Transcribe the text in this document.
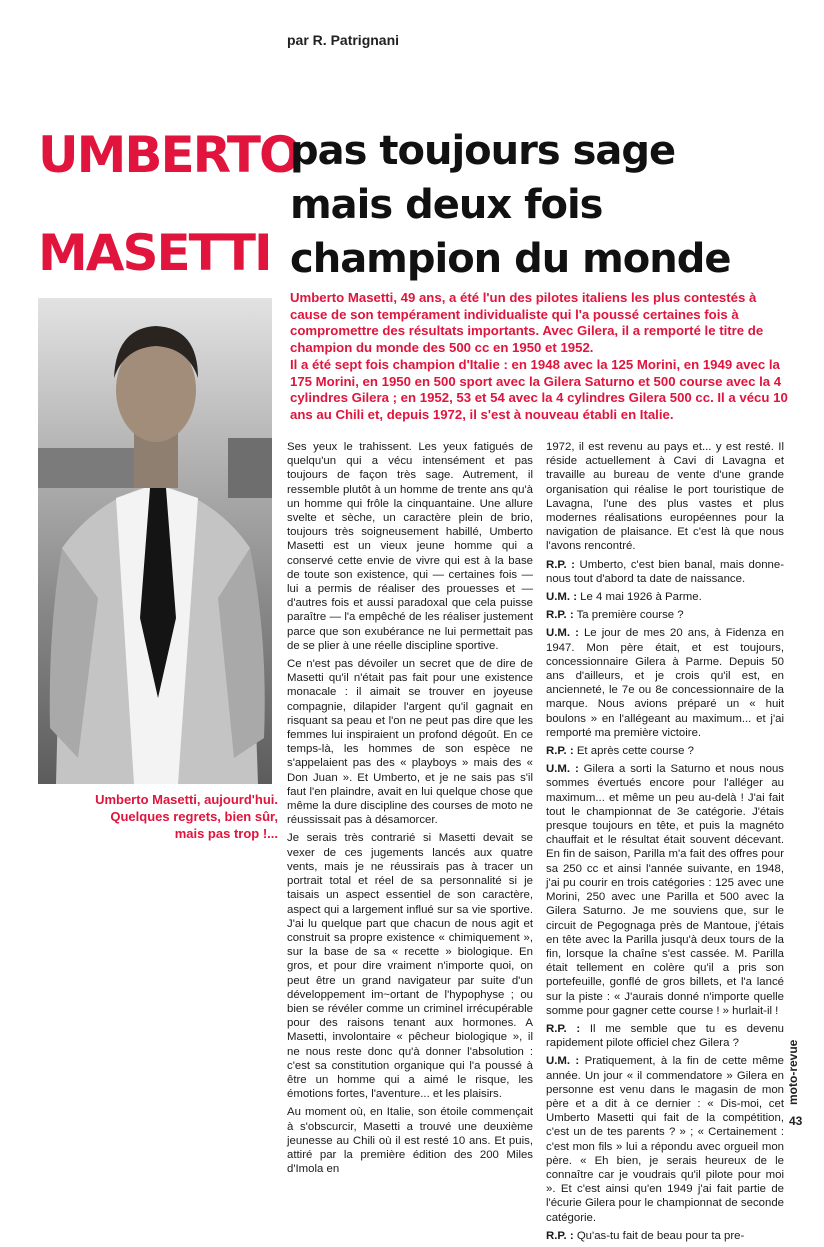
par R. Patrignani
UMBERTO
MASETTI
pas toujours sage
mais deux fois
champion du monde

Umberto Masetti, 49 ans, a été l'un des pilotes italiens les plus contestés à cause de son tempérament individualiste qui l'a poussé certaines fois à compromettre des résultats importants. Avec Gilera, il a remporté le titre de champion du monde des 500 cc en 1950 et 1952.

Il a été sept fois champion d'Italie : en 1948 avec la 125 Morini, en 1949 avec la 175 Morini, en 1950 en 500 sport avec la Gilera Saturno et 500 course avec la 4 cylindres Gilera ; en 1952, 53 et 54 avec la 4 cylindres Gilera 500 cc. Il a vécu 10 ans au Chili et, depuis 1972, il s'est à nouveau établi en Italie.

Umberto Masetti, aujourd'hui.
Quelques regrets, bien sûr,
mais pas trop !...

Ses yeux le trahissent. Les yeux fatigués de quelqu'un qui a vécu intensément et pas toujours de façon très sage. Autrement, il ressemble plutôt à un homme de trente ans qu'à un homme qui frôle la cinquantaine. Une allure svelte et sèche, un caractère plein de brio, toujours très soigneusement habillé, Umberto Masetti est un vieux jeune homme qui a conservé cette envie de vivre qui est à la base de toute son existence, qui — certaines fois — lui a permis de réaliser des prouesses et — d'autres fois et aussi paradoxal que cela puisse paraître — l'a empêché de les réaliser justement parce que son exubérance ne lui permettait pas de se plier à une réelle discipline sportive.

Ce n'est pas dévoiler un secret que de dire de Masetti qu'il n'était pas fait pour une existence monacale : il aimait se trouver en joyeuse compagnie, dilapider l'argent qu'il gagnait en risquant sa peau et l'on ne peut pas dire que les femmes lui inspiraient un profond dégoût. En ce temps-là, les hommes de son espèce ne s'appelaient pas des « playboys » mais des « Don Juan ». Et Umberto, et je ne sais pas s'il faut l'en plaindre, avait en lui quelque chose que même la dure discipline des courses de moto ne réussissait pas à désamorcer.

Je serais très contrarié si Masetti devait se vexer de ces jugements lancés aux quatre vents, mais je ne réussirais pas à tracer un portrait total et réel de sa personnalité si je taisais un aspect essentiel de son caractère, aspect qui a largement influé sur sa vie sportive. J'ai lu quelque part que chacun de nous agit et construit sa propre existence « chimiquement », sur la base de sa « recette » biologique. En gros, et pour dire vraiment n'importe quoi, on peut être un grand navigateur par suite d'un développement im~ortant de l'hypophyse ; ou bien se révéler comme un criminel irrécupérable pour des raisons tenant aux hormones. A Masetti, involontaire « pêcheur biologique », il ne nous reste donc qu'à donner l'absolution : c'est sa constitution organique qui l'a poussé à être un homme qui a aimé le risque, les émotions fortes, l'aventure... et les plaisirs.

Au moment où, en Italie, son étoile commençait à s'obscurcir, Masetti a trouvé une deuxième jeunesse au Chili où il est resté 10 ans. Et puis, attiré par la première édition des 200 Miles d'Imola en

1972, il est revenu au pays et... y est resté. Il réside actuellement à Cavi di Lavagna et travaille au bureau de vente d'une grande organisation qui réalise le port touristique de Lavagna, l'une des plus vastes et plus modernes réalisations européennes pour la navigation de plaisance. Et c'est là que nous l'avons rencontré.

R.P. : Umberto, c'est bien banal, mais donne-nous tout d'abord ta date de naissance.

U.M. : Le 4 mai 1926 à Parme.

R.P. : Ta première course ?

U.M. : Le jour de mes 20 ans, à Fidenza en 1947. Mon père était, et est toujours, concessionnaire Gilera à Parme. Depuis 50 ans d'ailleurs, et je crois qu'il est, en ancienneté, le 7e ou 8e concessionnaire de la marque. Nous avions préparé un « huit boulons » en l'allégeant au maximum... et j'ai remporté ma première victoire.

R.P. : Et après cette course ?

U.M. : Gilera a sorti la Saturno et nous nous sommes évertués encore pour l'alléger au maximum... et même un peu au-delà ! J'ai fait tout le championnat de 3e catégorie. J'étais presque toujours en tête, et puis la magnéto chauffait et le résultat était souvent décevant. En fin de saison, Parilla m'a fait des offres pour sa 250 cc et ainsi l'année suivante, en 1948, j'ai pu courir en trois catégories : 125 avec une Morini, 250 avec une Parilla et 500 avec la Gilera Saturno. Je me souviens que, sur le circuit de Pegognaga près de Mantoue, j'étais en tête avec la Parilla jusqu'à deux tours de la fin, lorsque la chaîne s'est cassée. M. Parilla était tellement en colère qu'il a pris son portefeuille, gonflé de gros billets, et l'a lancé sur la piste : « J'aurais donné n'importe quelle somme pour gagner cette course ! » hurlait-il !

R.P. : Il me semble que tu es devenu rapidement pilote officiel chez Gilera ?

U.M. : Pratiquement, à la fin de cette même année. Un jour « il commendatore » Gilera en personne est venu dans le magasin de mon père et a dit à ce dernier : « Dis-moi, cet Umberto Masetti qui fait de la compétition, c'est un de tes parents ? » ; « Certainement : c'est mon fils » lui a répondu avec orgueil mon père. « Eh bien, je serais heureux de le connaître car je voudrais qu'il pilote pour moi ». Et c'est ainsi qu'en 1949 j'ai fait partie de l'écurie Gilera pour le championnat de seconde catégorie.

R.P. : Qu'as-tu fait de beau pour ta pre-

moto-revue
43
